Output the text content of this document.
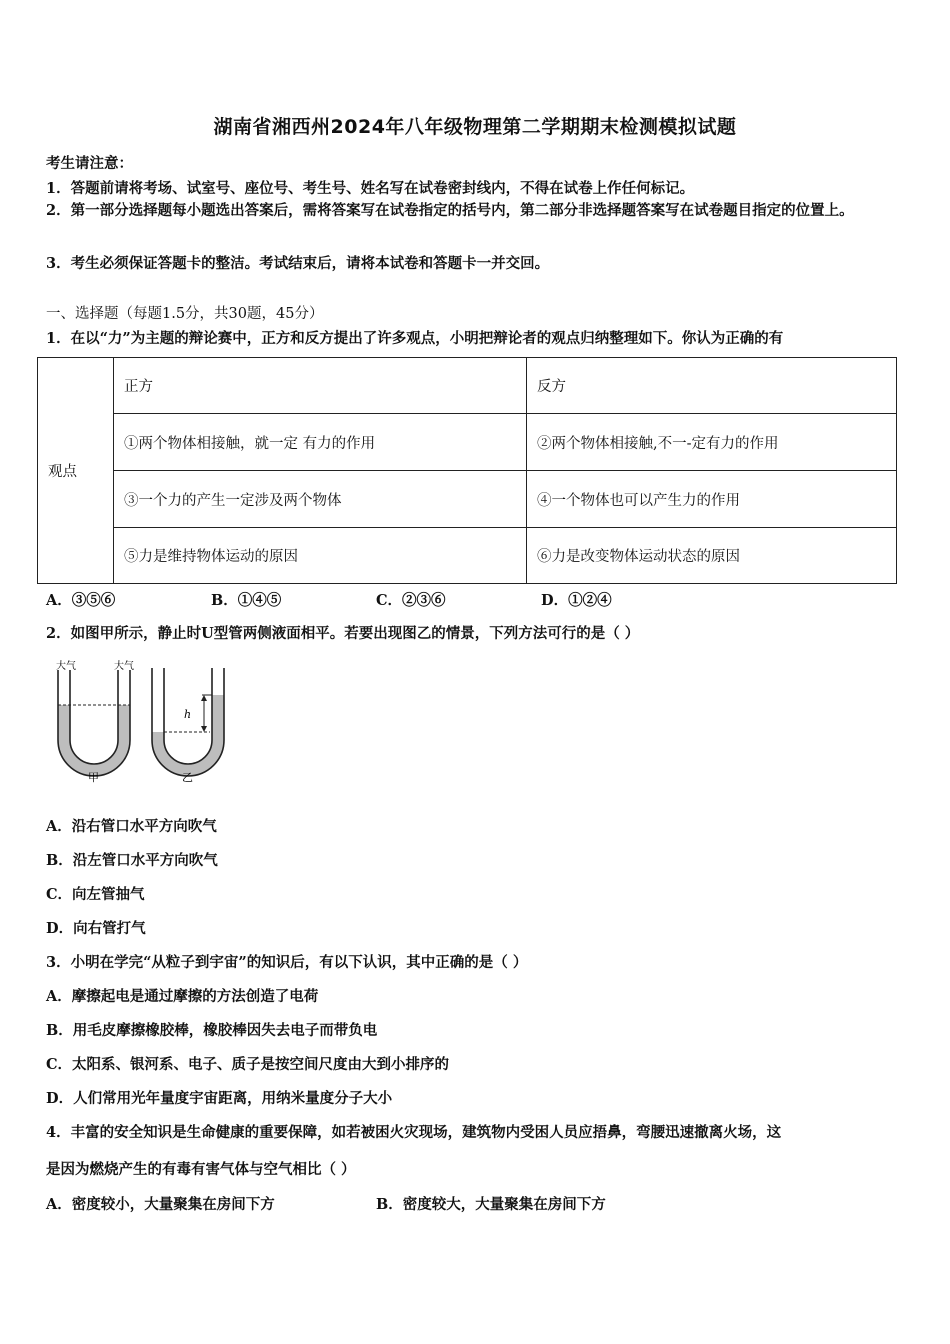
湖南省湘西州2024年八年级物理第二学期期末检测模拟试题
考生请注意：
1．答题前请将考场、试室号、座位号、考生号、姓名写在试卷密封线内，不得在试卷上作任何标记。
2．第一部分选择题每小题选出答案后，需将答案写在试卷指定的括号内，第二部分非选择题答案写在试卷题目指定的位置上。
3．考生必须保证答题卡的整洁。考试结束后，请将本试卷和答题卡一并交回。
一、选择题（每题1.5分，共30题，45分）
1．在以“力”为主题的辩论赛中，正方和反方提出了许多观点，小明把辩论者的观点归纳整理如下。你认为正确的有
观点	正方	反方
	①两个物体相接触，就一定 有力的作用	②两个物体相接触,不一-定有力的作用
	③一个力的产生一定涉及两个物体	④一个物体也可以产生力的作用
	⑤力是维持物体运动的原因	⑥力是改变物体运动状态的原因
A．③⑤⑥	B．①④⑤	C．②③⑥	D．①②④
2．如图甲所示，静止时U型管两侧液面相平。若要出现图乙的情景，下列方法可行的是（ ）
大气	大气
甲
h
乙
A．沿右管口水平方向吹气
B．沿左管口水平方向吹气
C．向左管抽气
D．向右管打气
3．小明在学完“从粒子到宇宙”的知识后，有以下认识，其中正确的是（ ）
A．摩擦起电是通过摩擦的方法创造了电荷
B．用毛皮摩擦橡胶棒，橡胶棒因失去电子而带负电
C．太阳系、银河系、电子、质子是按空间尺度由大到小排序的
D．人们常用光年量度宇宙距离，用纳米量度分子大小
4．丰富的安全知识是生命健康的重要保障，如若被困火灾现场，建筑物内受困人员应捂鼻，弯腰迅速撤离火场，这
是因为燃烧产生的有毒有害气体与空气相比（ ）
A．密度较小，大量聚集在房间下方	B．密度较大，大量聚集在房间下方
